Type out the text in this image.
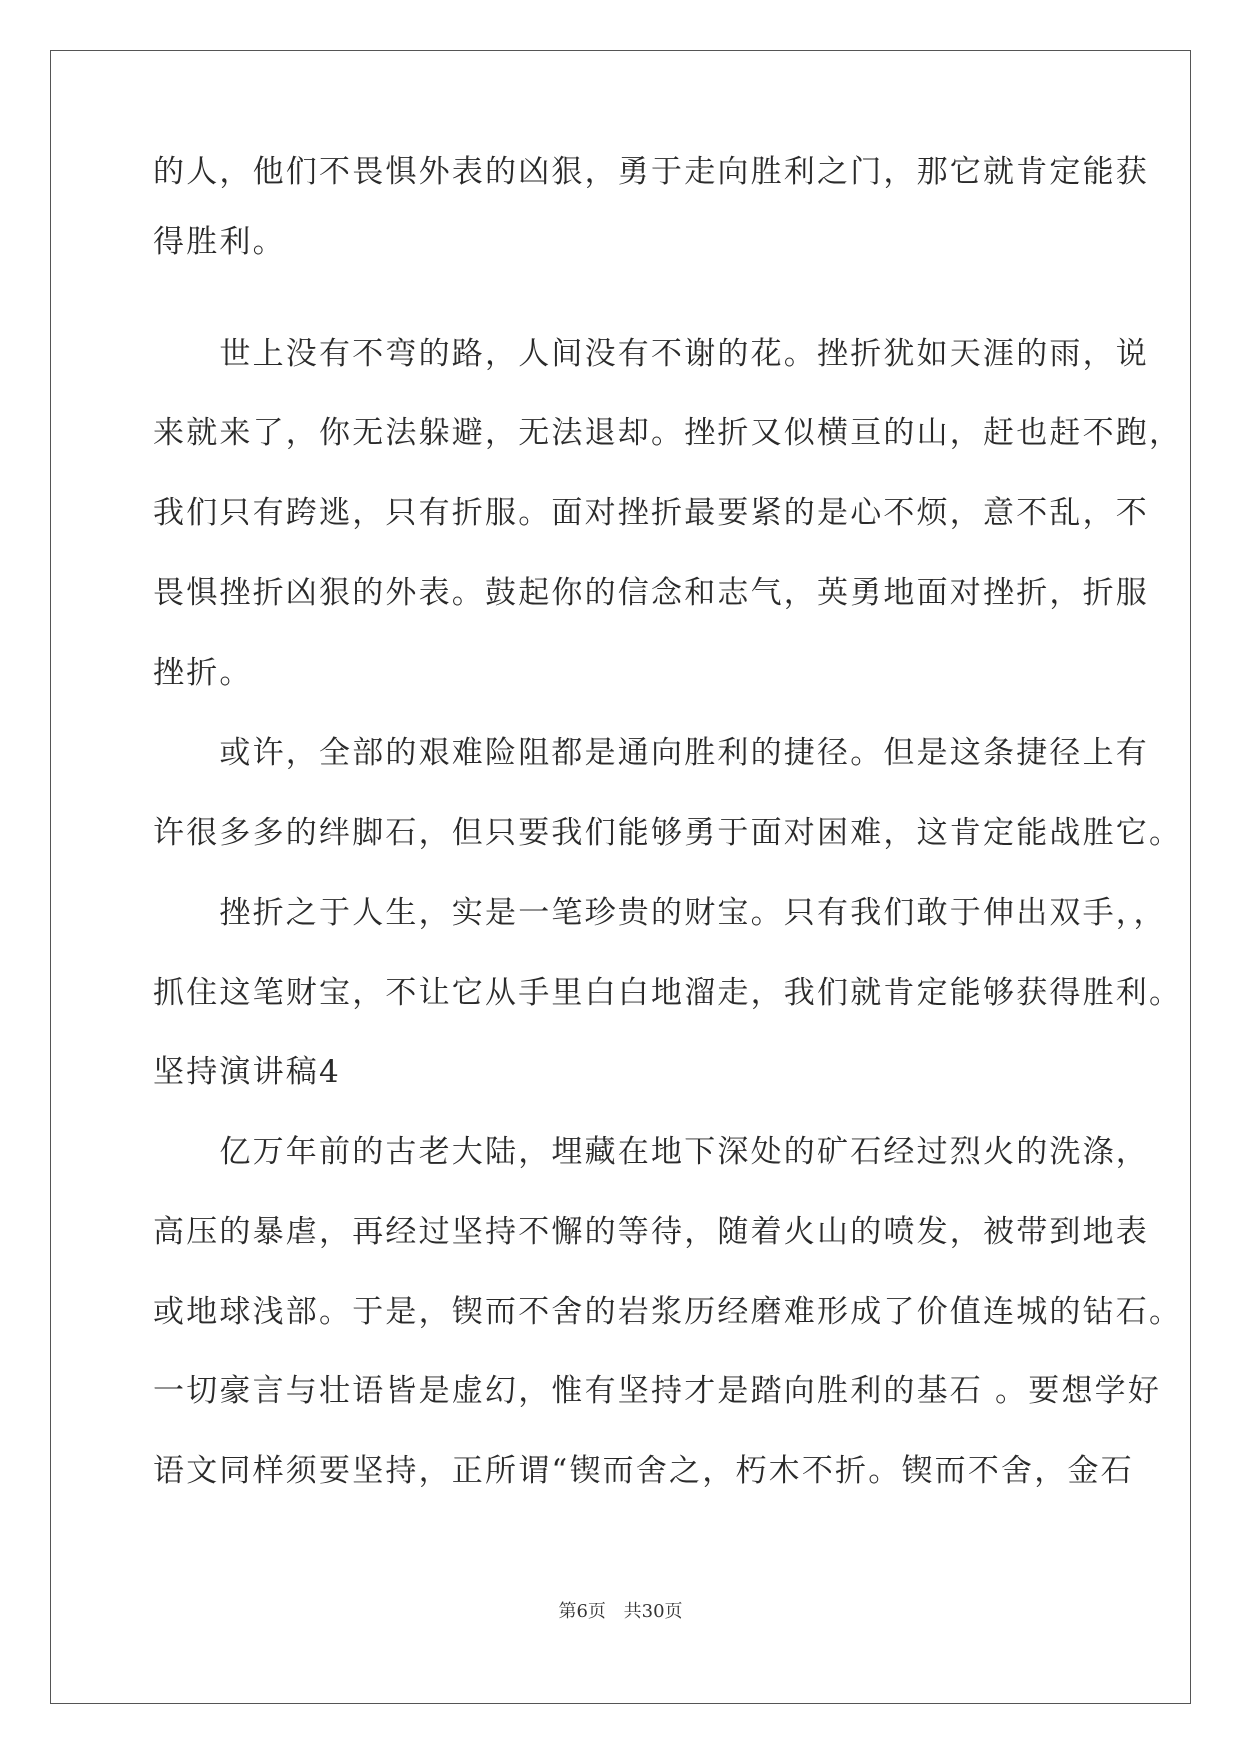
的人，他们不畏惧外表的凶狠，勇于走向胜利之门，那它就肯定能获
得胜利。
　　世上没有不弯的路，人间没有不谢的花。挫折犹如天涯的雨，说
来就来了，你无法躲避，无法退却。挫折又似横亘的山，赶也赶不跑，
我们只有跨逃，只有折服。面对挫折最要紧的是心不烦，意不乱，不
畏惧挫折凶狠的外表。鼓起你的信念和志气，英勇地面对挫折，折服
挫折。
　　或许，全部的艰难险阻都是通向胜利的捷径。但是这条捷径上有
许很多多的绊脚石，但只要我们能够勇于面对困难，这肯定能战胜它。
　　挫折之于人生，实是一笔珍贵的财宝。只有我们敢于伸出双手，，
抓住这笔财宝，不让它从手里白白地溜走，我们就肯定能够获得胜利。
坚持演讲稿4
　　亿万年前的古老大陆，埋藏在地下深处的矿石经过烈火的洗涤，
高压的暴虐，再经过坚持不懈的等待，随着火山的喷发，被带到地表
或地球浅部。于是，锲而不舍的岩浆历经磨难形成了价值连城的钻石。
一切豪言与壮语皆是虚幻，惟有坚持才是踏向胜利的基石 。要想学好
语文同样须要坚持，正所谓“锲而舍之，朽木不折。锲而不舍，金石
第6页 共30页
